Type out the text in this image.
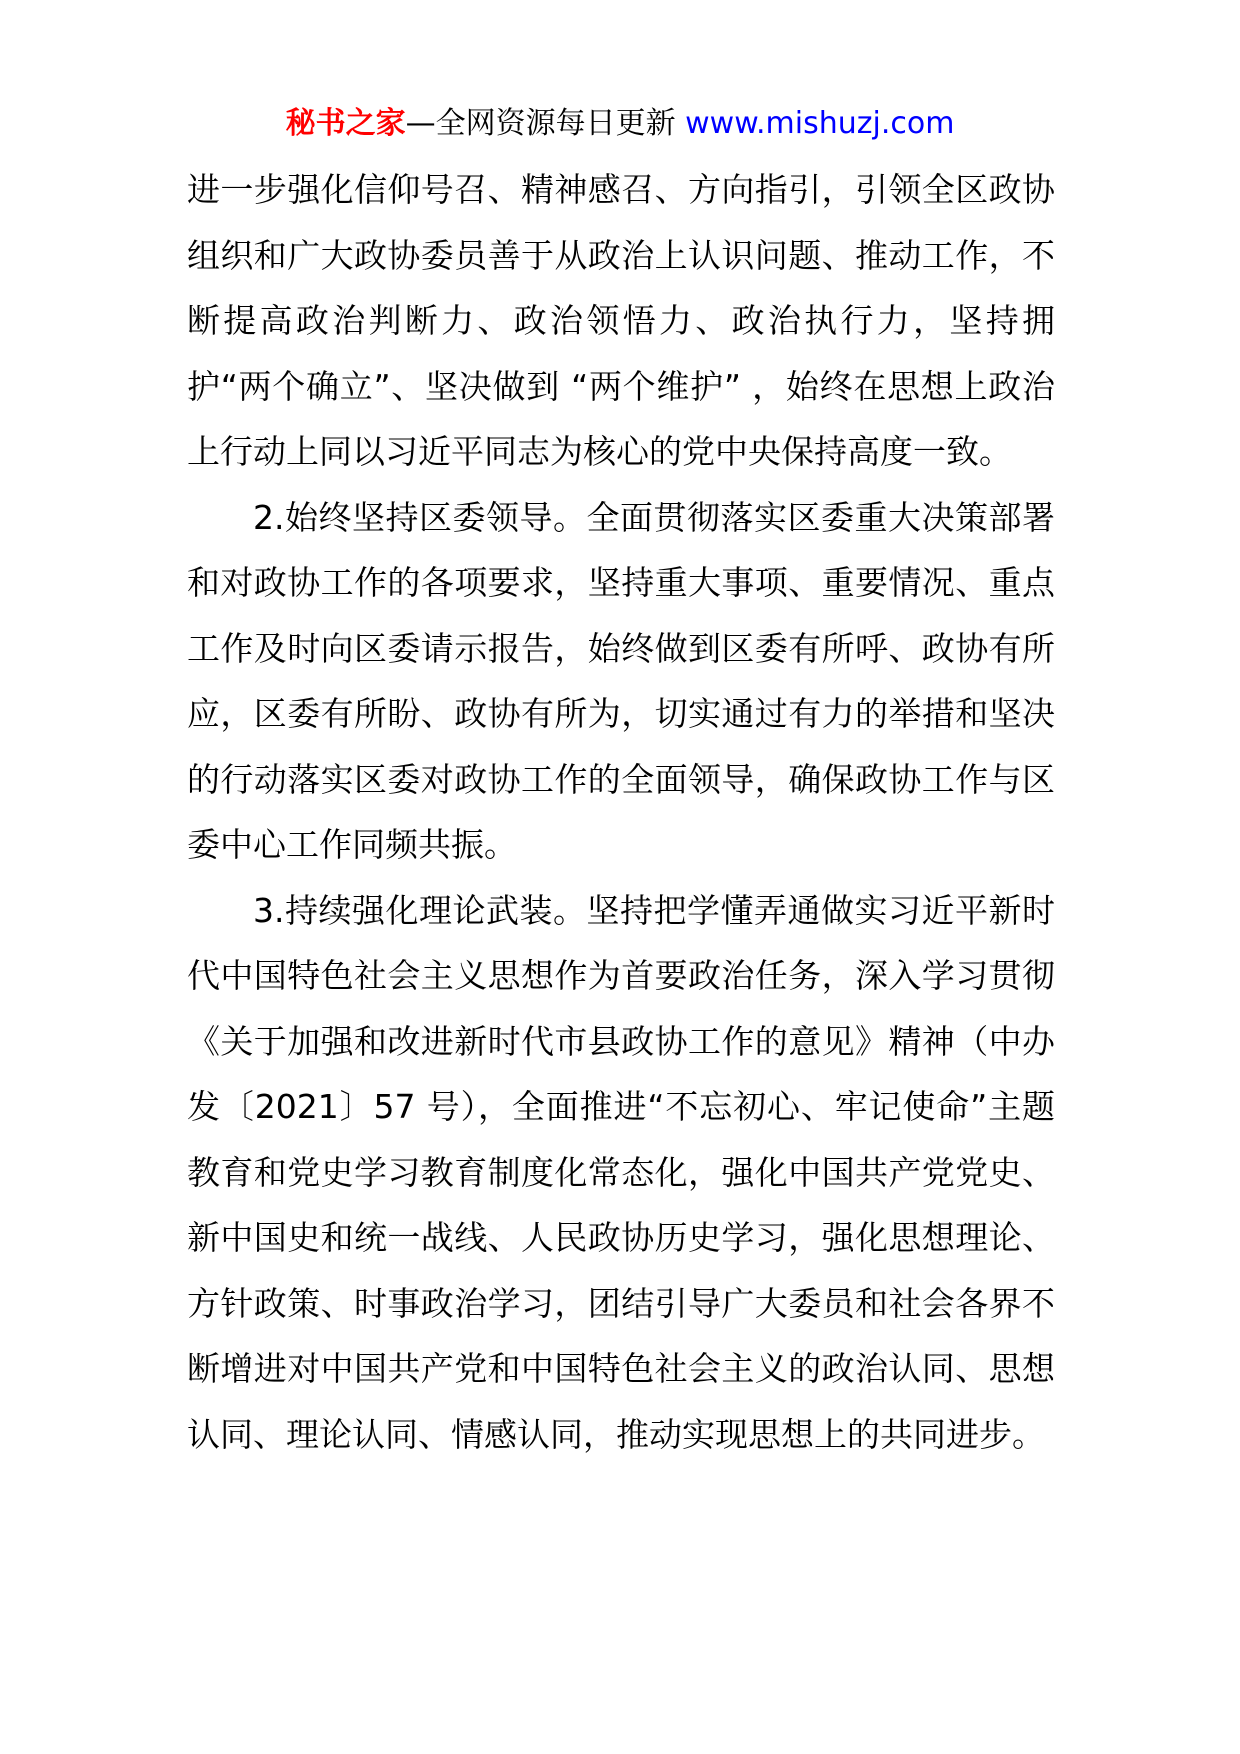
秘书之家—全网资源每日更新 www.mishuzj.com

进一步强化信仰号召、精神感召、方向指引，引领全区政协组织和广大政协委员善于从政治上认识问题、推动工作，不断提高政治判断力、政治领悟力、政治执行力，坚持拥护“两个确立”、坚决做到 “两个维护” ，始终在思想上政治上行动上同以习近平同志为核心的党中央保持高度一致。

2.始终坚持区委领导。全面贯彻落实区委重大决策部署和对政协工作的各项要求，坚持重大事项、重要情况、重点工作及时向区委请示报告，始终做到区委有所呼、政协有所应，区委有所盼、政协有所为，切实通过有力的举措和坚决的行动落实区委对政协工作的全面领导，确保政协工作与区委中心工作同频共振。

3.持续强化理论武装。坚持把学懂弄通做实习近平新时代中国特色社会主义思想作为首要政治任务，深入学习贯彻《关于加强和改进新时代市县政协工作的意见》精神（中办发〔2021〕57 号），全面推进“不忘初心、牢记使命”主题教育和党史学习教育制度化常态化，强化中国共产党党史、新中国史和统一战线、人民政协历史学习，强化思想理论、方针政策、时事政治学习，团结引导广大委员和社会各界不断增进对中国共产党和中国特色社会主义的政治认同、思想认同、理论认同、情感认同，推动实现思想上的共同进步。
